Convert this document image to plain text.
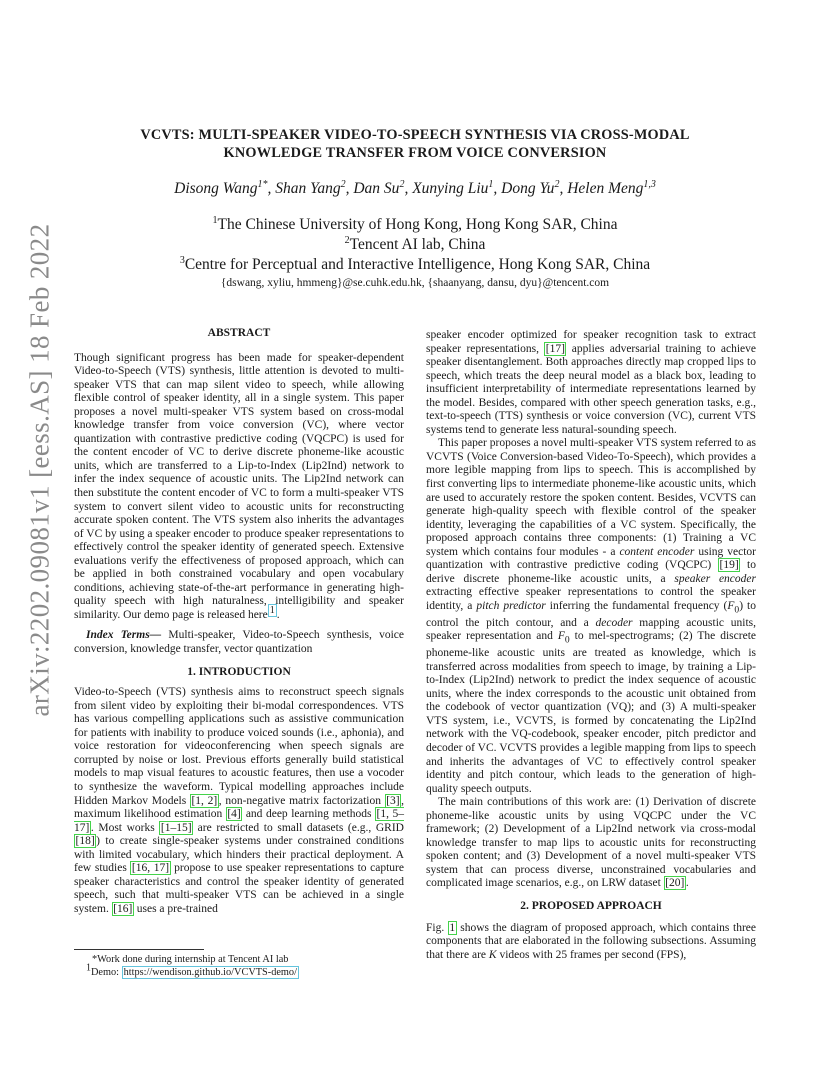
arXiv:2202.09081v1 [eess.AS] 18 Feb 2022
VCVTS: MULTI-SPEAKER VIDEO-TO-SPEECH SYNTHESIS VIA CROSS-MODAL
KNOWLEDGE TRANSFER FROM VOICE CONVERSION
Disong Wang$^{1*}$, Shan Yang$^2$, Dan Su$^2$, Xunying Liu$^1$, Dong Yu$^2$, Helen Meng$^{1,3}$
$^1$The Chinese University of Hong Kong, Hong Kong SAR, China
$^2$Tencent AI lab, China
$^3$Centre for Perceptual and Interactive Intelligence, Hong Kong SAR, China
{dswang, xyliu, hmmeng}@se.cuhk.edu.hk, {shaanyang, dansu, dyu}@tencent.com

ABSTRACT

Though significant progress has been made for speaker-dependent Video-to-Speech (VTS) synthesis, little attention is devoted to multi-speaker VTS that can map silent video to speech, while allowing flexible control of speaker identity, all in a single system. This paper proposes a novel multi-speaker VTS system based on cross-modal knowledge transfer from voice conversion (VC), where vector quantization with contrastive predictive coding (VQCPC) is used for the content encoder of VC to derive discrete phoneme-like acoustic units, which are transferred to a Lip-to-Index (Lip2Ind) network to infer the index sequence of acoustic units. The Lip2Ind network can then substitute the content encoder of VC to form a multi-speaker VTS system to convert silent video to acoustic units for reconstructing accurate spoken content. The VTS system also inherits the advantages of VC by using a speaker encoder to produce speaker representations to effectively control the speaker identity of generated speech. Extensive evaluations verify the effectiveness of proposed approach, which can be applied in both constrained vocabulary and open vocabulary conditions, achieving state-of-the-art performance in generating high-quality speech with high naturalness, intelligibility and speaker similarity. Our demo page is released here $^1$ .

Index Terms— Multi-speaker, Video-to-Speech synthesis, voice conversion, knowledge transfer, vector quantization

1. INTRODUCTION

Video-to-Speech (VTS) synthesis aims to reconstruct speech signals from silent video by exploiting their bi-modal correspondences. VTS has various compelling applications such as assistive communication for patients with inability to produce voiced sounds (i.e., aphonia), and voice restoration for videoconferencing when speech signals are corrupted by noise or lost. Previous efforts generally build statistical models to map visual features to acoustic features, then use a vocoder to synthesize the waveform. Typical modelling approaches include Hidden Markov Models [1, 2] , non-negative matrix factorization [3] , maximum likelihood estimation [4] and deep learning methods [1, 5–17] . Most works [1–15] are restricted to small datasets (e.g., GRID [18] ) to create single-speaker systems under constrained conditions with limited vocabulary, which hinders their practical deployment. A few studies [16, 17] propose to use speaker representations to capture speaker characteristics and control the speaker identity of generated speech, such that multi-speaker VTS can be achieved in a single system. [16] uses a pre-trained

*Work done during internship at Tencent AI lab
$^1$Demo: https://wendison.github.io/VCVTS-demo/

speaker encoder optimized for speaker recognition task to extract speaker representations, [17] applies adversarial training to achieve speaker disentanglement. Both approaches directly map cropped lips to speech, which treats the deep neural model as a black box, leading to insufficient interpretability of intermediate representations learned by the model. Besides, compared with other speech generation tasks, e.g., text-to-speech (TTS) synthesis or voice conversion (VC), current VTS systems tend to generate less natural-sounding speech.

This paper proposes a novel multi-speaker VTS system referred to as VCVTS (Voice Conversion-based Video-To-Speech), which provides a more legible mapping from lips to speech. This is accomplished by first converting lips to intermediate phoneme-like acoustic units, which are used to accurately restore the spoken content. Besides, VCVTS can generate high-quality speech with flexible control of the speaker identity, leveraging the capabilities of a VC system. Specifically, the proposed approach contains three components: (1) Training a VC system which contains four modules - a content encoder using vector quantization with contrastive predictive coding (VQCPC) [19] to derive discrete phoneme-like acoustic units, a speaker encoder extracting effective speaker representations to control the speaker identity, a pitch predictor inferring the fundamental frequency $(F_0)$ to control the pitch contour, and a decoder mapping acoustic units, speaker representation and $F_0$ to mel-spectrograms; (2) The discrete phoneme-like acoustic units are treated as knowledge, which is transferred across modalities from speech to image, by training a Lip-to-Index (Lip2Ind) network to predict the index sequence of acoustic units, where the index corresponds to the acoustic unit obtained from the codebook of vector quantization (VQ); and (3) A multi-speaker VTS system, i.e., VCVTS, is formed by concatenating the Lip2Ind network with the VQ-codebook, speaker encoder, pitch predictor and decoder of VC. VCVTS provides a legible mapping from lips to speech and inherits the advantages of VC to effectively control speaker identity and pitch contour, which leads to the generation of high-quality speech outputs.

The main contributions of this work are: (1) Derivation of discrete phoneme-like acoustic units by using VQCPC under the VC framework; (2) Development of a Lip2Ind network via cross-modal knowledge transfer to map lips to acoustic units for reconstructing spoken content; and (3) Development of a novel multi-speaker VTS system that can process diverse, unconstrained vocabularies and complicated image scenarios, e.g., on LRW dataset [20] .

2. PROPOSED APPROACH

Fig. 1 shows the diagram of proposed approach, which contains three components that are elaborated in the following subsections. Assuming that there are K videos with 25 frames per second (FPS),
